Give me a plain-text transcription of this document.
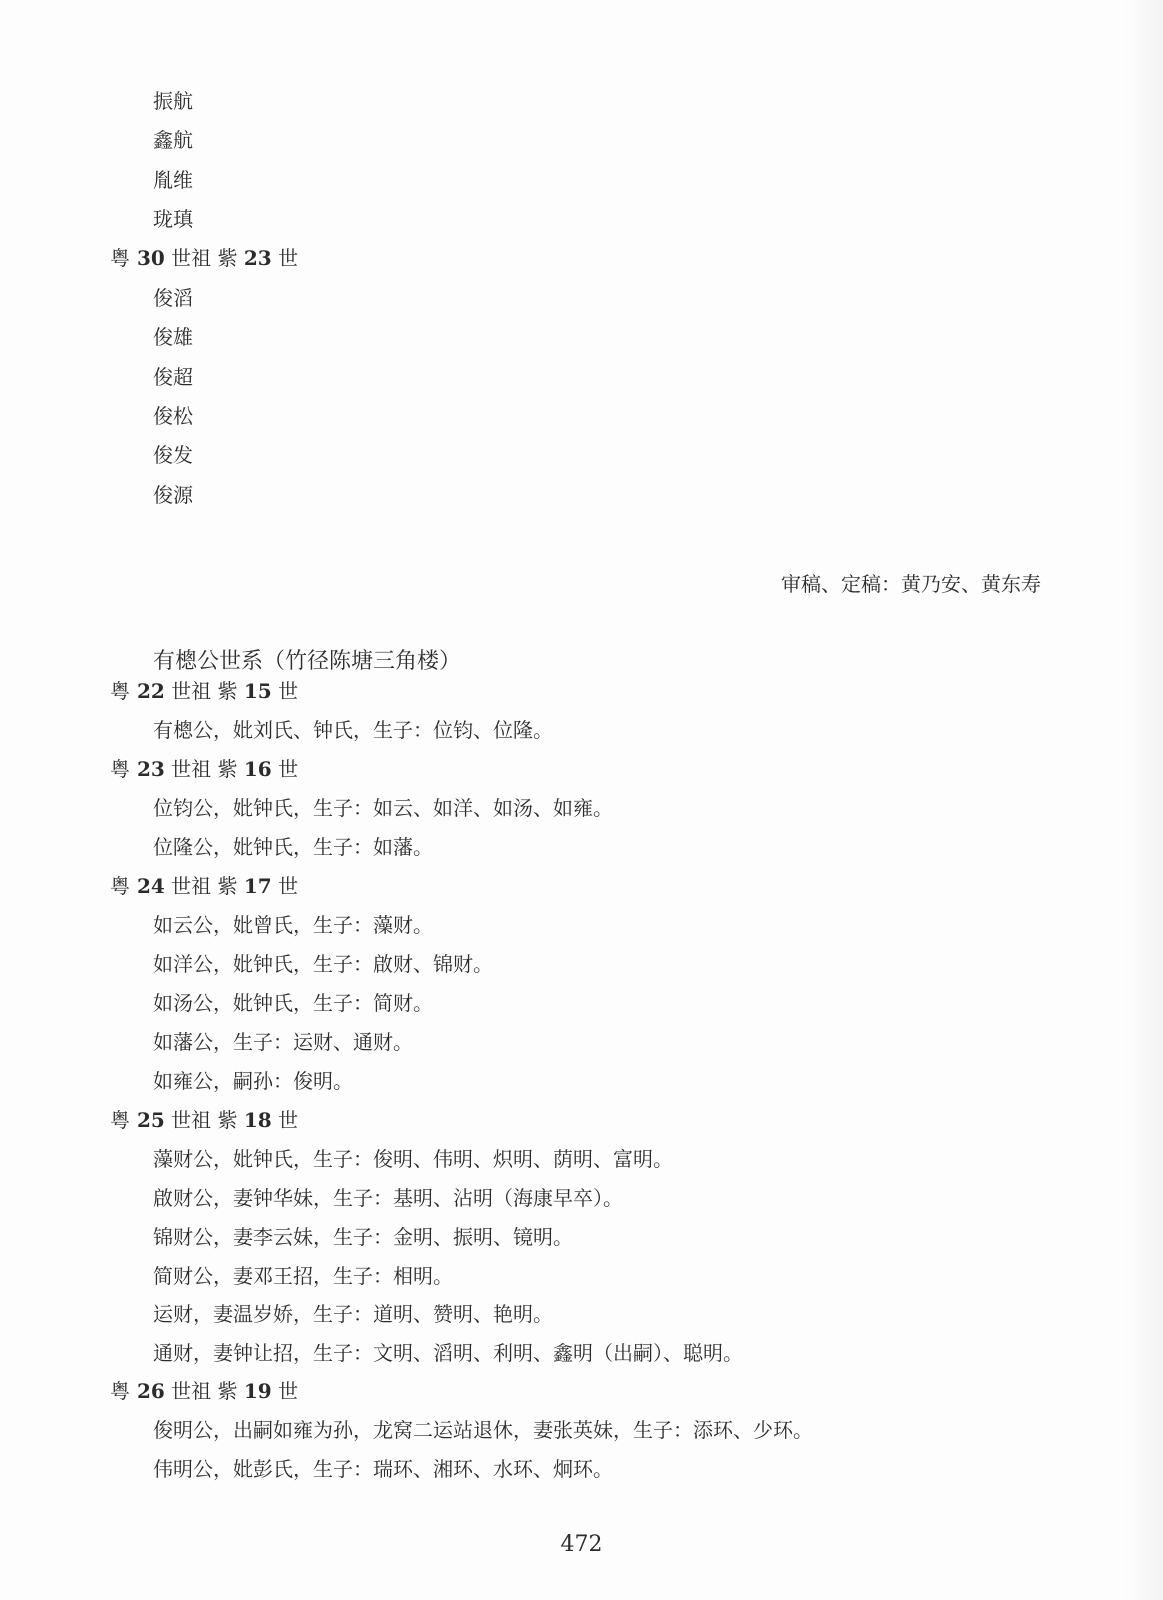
振航
鑫航
胤维
珑瑱
粤 30 世祖 紫 23 世
俊滔
俊雄
俊超
俊松
俊发
俊源
审稿、定稿：黄乃安、黄东寿
有樬公世系（竹径陈塘三角楼）
粤 22 世祖 紫 15 世
有樬公，妣刘氏、钟氏，生子：位钧、位隆。
粤 23 世祖 紫 16 世
位钧公，妣钟氏，生子：如云、如洋、如汤、如雍。
位隆公，妣钟氏，生子：如藩。
粤 24 世祖 紫 17 世
如云公，妣曾氏，生子：藻财。
如洋公，妣钟氏，生子：啟财、锦财。
如汤公，妣钟氏，生子：简财。
如藩公，生子：运财、通财。
如雍公，嗣孙：俊明。
粤 25 世祖 紫 18 世
藻财公，妣钟氏，生子：俊明、伟明、炽明、荫明、富明。
啟财公，妻钟华妹，生子：基明、沾明（海康早卒）。
锦财公，妻李云妹，生子：金明、振明、镜明。
简财公，妻邓王招，生子：相明。
运财，妻温岁娇，生子：道明、赞明、艳明。
通财，妻钟让招，生子：文明、滔明、利明、鑫明（出嗣）、聪明。
粤 26 世祖 紫 19 世
俊明公，出嗣如雍为孙，龙窝二运站退休，妻张英妹，生子：添环、少环。
伟明公，妣彭氏，生子：瑞环、湘环、水环、炯环。
472
